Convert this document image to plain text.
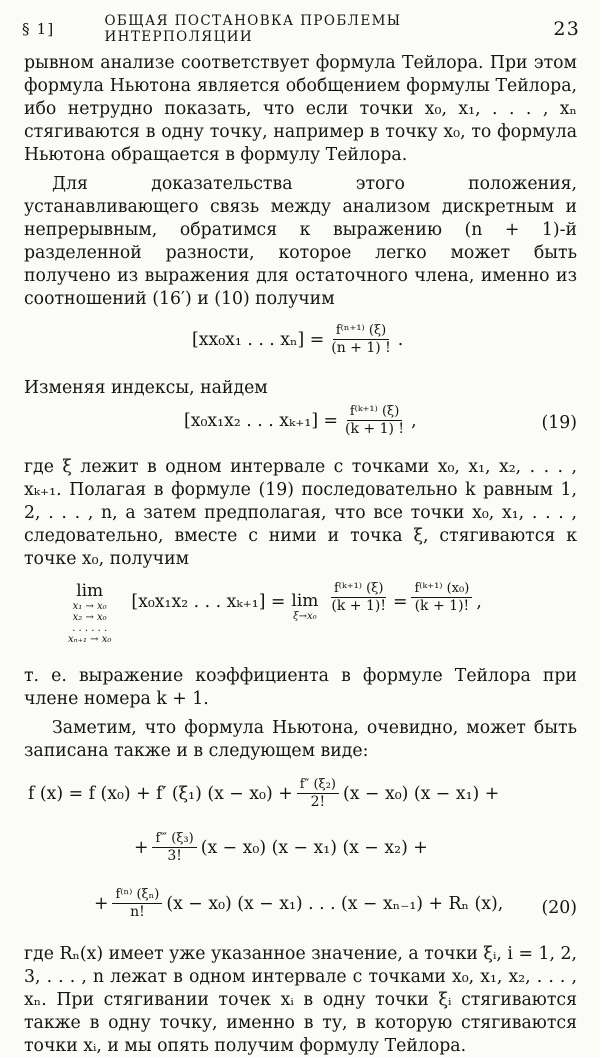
§ 1]	ОБЩАЯ ПОСТАНОВКА ПРОБЛЕМЫ ИНТЕРПОЛЯЦИИ	23

рывном анализе соответствует формула Тейлора. При этом формула Ньютона является обобщением формулы Тейлора, ибо нетрудно показать, что если точки x₀, x₁, . . . , xₙ стягиваются в одну точку, например в точку x₀, то формула Ньютона обращается в формулу Тейлора.

Для доказательства этого положения, устанавливающего связь между анализом дискретным и непрерывным, обратимся к выражению (n + 1)-й разделенной разности, которое легко может быть получено из выражения для остаточного члена, именно из соотношений (16′) и (10) получим

[xx₀x₁ . . . $x_n] = \frac{\text{f⁽ⁿ⁺¹⁾ (ξ)}}{(n + 1) !}$ .

Изменяя индексы, найдем

[x₀x₁x₂ . . . $x_{k+1}] = \frac{\text{f⁽ᵏ⁺¹⁾ (ξ)}}{(k + 1) !}$ ,	(19)

где ξ лежит в одном интервале с точками x₀, x₁, x₂, . . . , xₖ₊₁. Полагая в формуле (19) последовательно k равным 1, 2, . . . , n, а затем предполагая, что все точки x₀, x₁, . . . , следовательно, вместе с ними и точка ξ, стягиваются к точке x₀, получим

lim
x₁ → x₀
x₂ → x₀
. . . . . .
xₙ₊₁ → x₀
[x₀x₁x₂ . . . xₖ₊₁] = lim
ξ→x₀
$\frac{\text{f⁽ᵏ⁺¹⁾ (ξ)}}{(k + 1)!} = \frac{\text{f⁽ᵏ⁺¹⁾ (x₀)}}{(k + 1)!}$ ,

т. е. выражение коэффициента в формуле Тейлора при члене номера k + 1.

Заметим, что формула Ньютона, очевидно, может быть записана также и в следующем виде:

f (x) = f (x₀) + f′ (ξ₁) $(x - x_0) + \frac{\text{f″ (ξ₂)}}{2!} (x - x_0) (x - x_1)$ +
+ $\frac{\text{f‴ (ξ₃)}}{3!} (x - x_0) (x - x_1) (x - x_2)$ +
+ $\frac{\text{f⁽ⁿ⁾ (ξₙ)}}{n!} (x - x_0) (x - x_1)$ . . . (x − xₙ₋₁) + Rₙ (x), (20)

где Rₙ(x) имеет уже указанное значение, а точки ξᵢ, i = 1, 2, 3, . . . , n лежат в одном интервале с точками x₀, x₁, x₂, . . . , xₙ. При стягивании точек xᵢ в одну точки ξᵢ стягиваются также в одну точку, именно в ту, в которую стягиваются точки xᵢ, и мы опять получим формулу Тейлора.
